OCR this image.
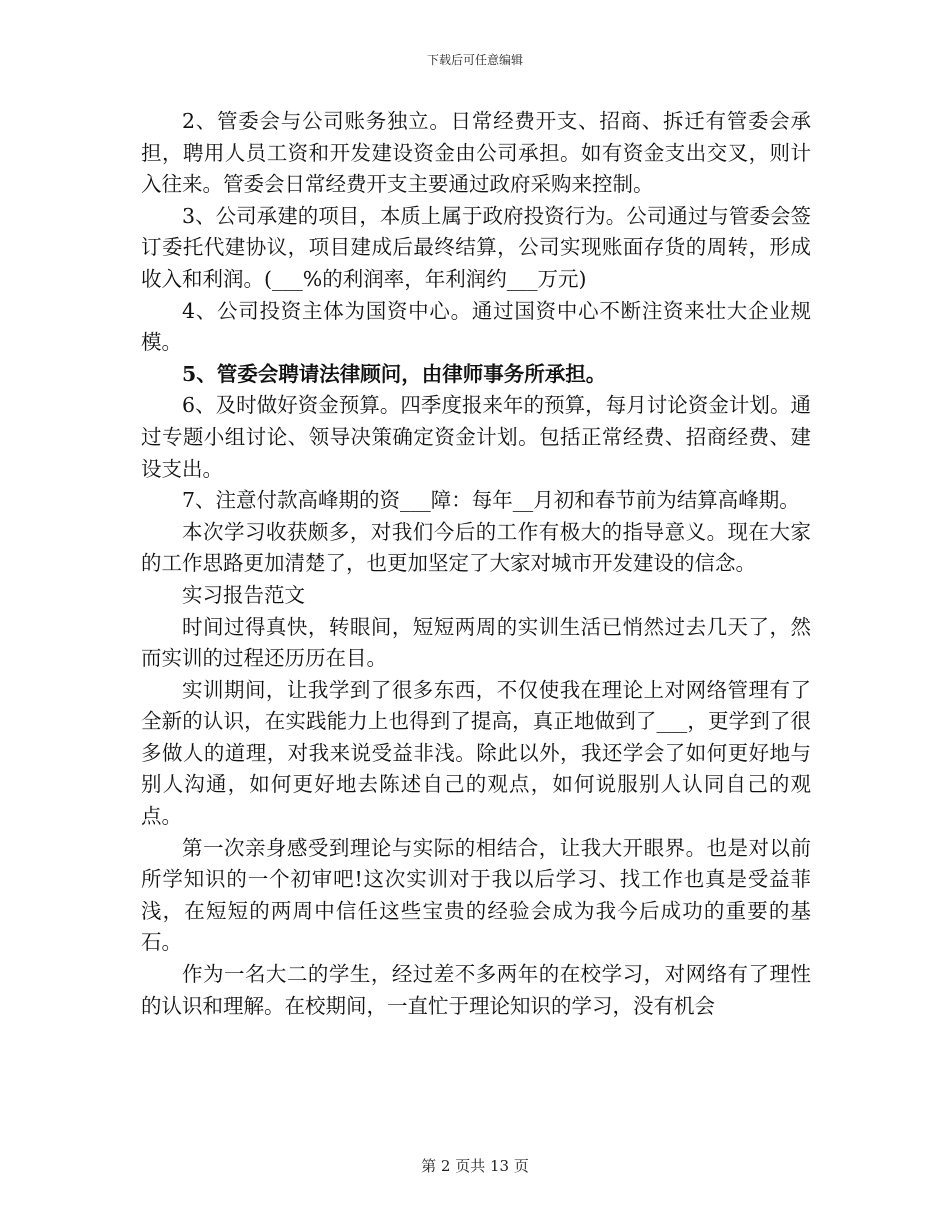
下载后可任意编辑

2、管委会与公司账务独立。日常经费开支、招商、拆迁有管委会承担，聘用人员工资和开发建设资金由公司承担。如有资金支出交叉，则计入往来。管委会日常经费开支主要通过政府采购来控制。

3、公司承建的项目，本质上属于政府投资行为。公司通过与管委会签订委托代建协议，项目建成后最终结算，公司实现账面存货的周转，形成收入和利润。(___%的利润率，年利润约___万元)

4、公司投资主体为国资中心。通过国资中心不断注资来壮大企业规模。

5、管委会聘请法律顾问，由律师事务所承担。

6、及时做好资金预算。四季度报来年的预算，每月讨论资金计划。通过专题小组讨论、领导决策确定资金计划。包括正常经费、招商经费、建设支出。

7、注意付款高峰期的资___障：每年__月初和春节前为结算高峰期。

本次学习收获颇多，对我们今后的工作有极大的指导意义。现在大家的工作思路更加清楚了，也更加坚定了大家对城市开发建设的信念。

实习报告范文

时间过得真快，转眼间，短短两周的实训生活已悄然过去几天了，然而实训的过程还历历在目。

实训期间，让我学到了很多东西，不仅使我在理论上对网络管理有了全新的认识，在实践能力上也得到了提高，真正地做到了___，更学到了很多做人的道理，对我来说受益非浅。除此以外，我还学会了如何更好地与别人沟通，如何更好地去陈述自己的观点，如何说服别人认同自己的观点。

第一次亲身感受到理论与实际的相结合，让我大开眼界。也是对以前所学知识的一个初审吧!这次实训对于我以后学习、找工作也真是受益菲浅，在短短的两周中信任这些宝贵的经验会成为我今后成功的重要的基石。

作为一名大二的学生，经过差不多两年的在校学习，对网络有了理性的认识和理解。在校期间，一直忙于理论知识的学习，没有机会

第 2 页共 13 页
